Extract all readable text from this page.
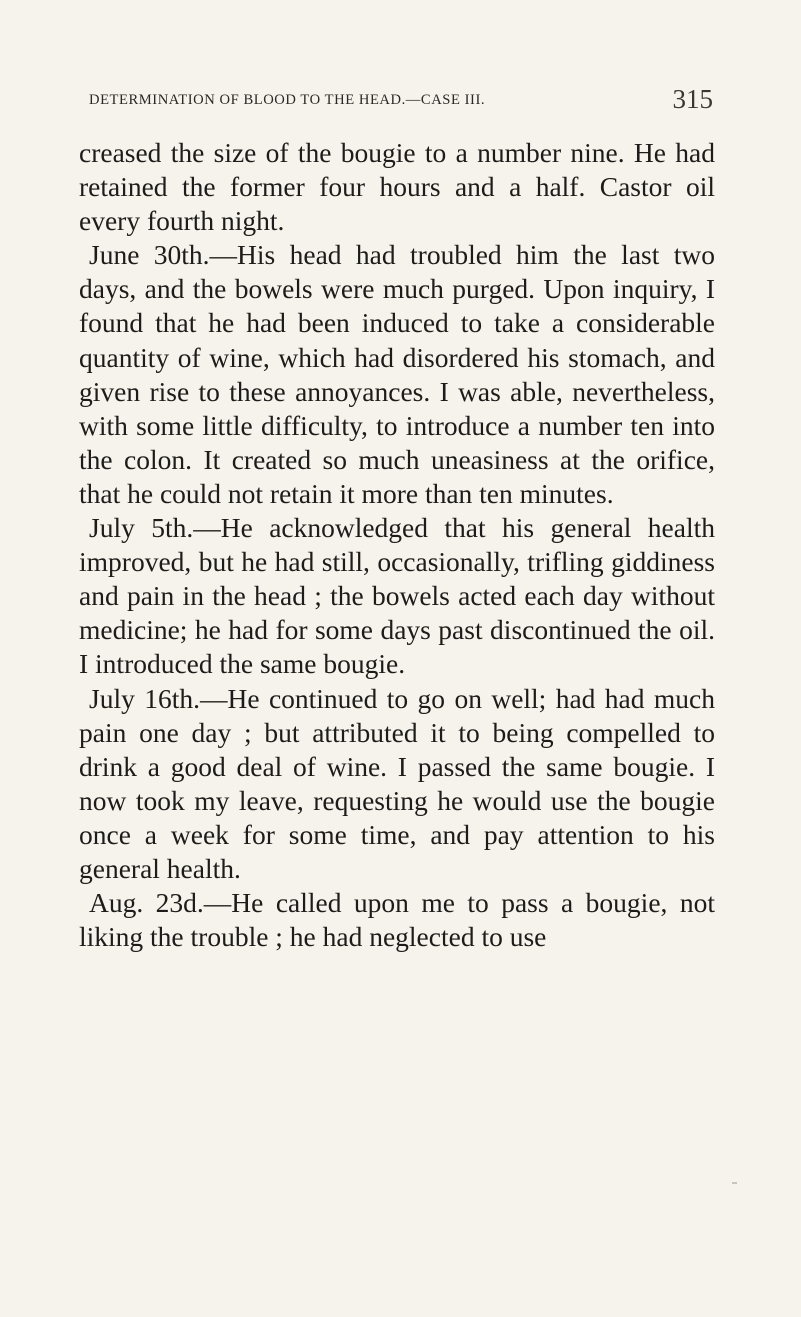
DETERMINATION OF BLOOD TO THE HEAD.—CASE III.	315

creased the size of the bougie to a number nine. He had retained the former four hours and a half. Castor oil every fourth night.

June 30th.—His head had troubled him the last two days, and the bowels were much purged. Upon inquiry, I found that he had been induced to take a considerable quantity of wine, which had disordered his stomach, and given rise to these annoyances. I was able, nevertheless, with some little difficulty, to introduce a number ten into the colon. It created so much uneasiness at the orifice, that he could not retain it more than ten minutes.

July 5th.—He acknowledged that his general health improved, but he had still, occasionally, trifling giddiness and pain in the head ; the bowels acted each day without medicine; he had for some days past discontinued the oil. I introduced the same bougie.

July 16th.—He continued to go on well; had had much pain one day ; but attributed it to being compelled to drink a good deal of wine. I passed the same bougie. I now took my leave, requesting he would use the bougie once a week for some time, and pay attention to his general health.

Aug. 23d.—He called upon me to pass a bougie, not liking the trouble ; he had neglected to use
